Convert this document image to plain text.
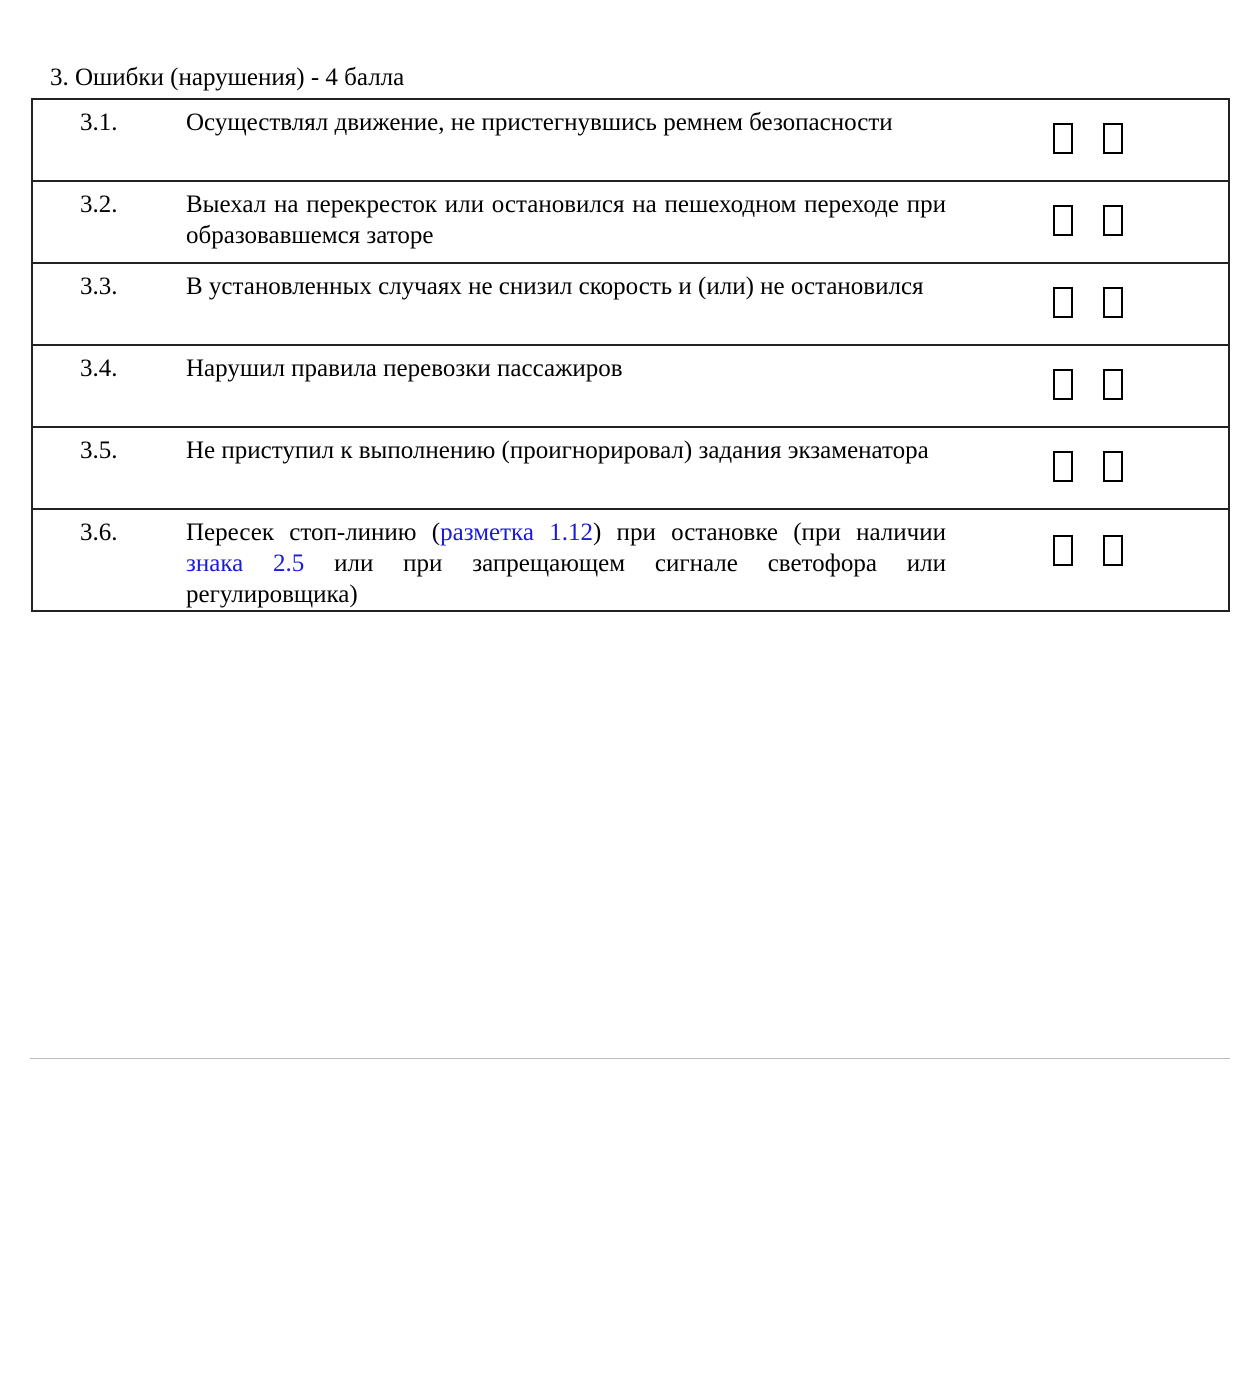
3. Ошибки (нарушения) - 4 балла
3.1.	Осуществлял движение, не пристегнувшись ремнем безопасности

3.2.	Выехал на перекресток или остановился на пешеходном переходе при образовавшемся заторе

3.3.	В установленных случаях не снизил скорость и (или) не остановился

3.4.	Нарушил правила перевозки пассажиров

3.5.	Не приступил к выполнению (проигнорировал) задания экзаменатора

3.6.	Пересек стоп-линию (разметка 1.12) при остановке (при наличии знака 2.5 или при запрещающем сигнале светофора или регулировщика)
